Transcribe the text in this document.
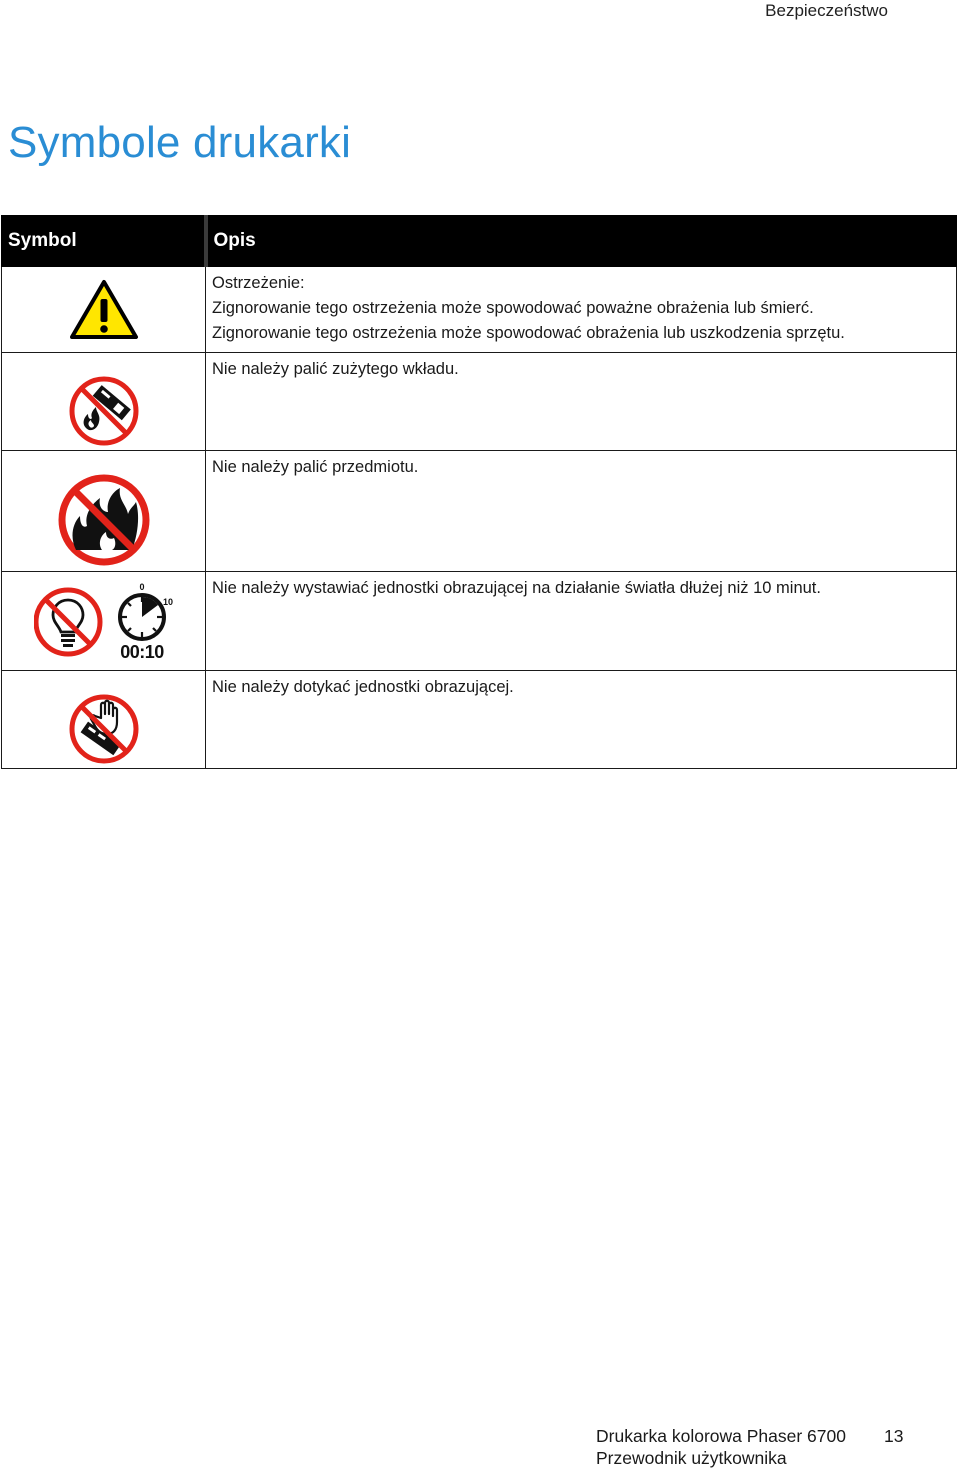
Bezpieczeństwo
Symbole drukarki
Symbol	Opis

Ostrzeżenie:
Zignorowanie tego ostrzeżenia może spowodować poważne obrażenia lub śmierć.
Zignorowanie tego ostrzeżenia może spowodować obrażenia lub uszkodzenia sprzętu.

Nie należy palić zużytego wkładu.

Nie należy palić przedmiotu.

0
10
00:10	Nie należy wystawiać jednostki obrazującej na działanie światła dłużej niż 10 minut.

Nie należy dotykać jednostki obrazującej.
Drukarka kolorowa Phaser 6700
Przewodnik użytkownika
13
